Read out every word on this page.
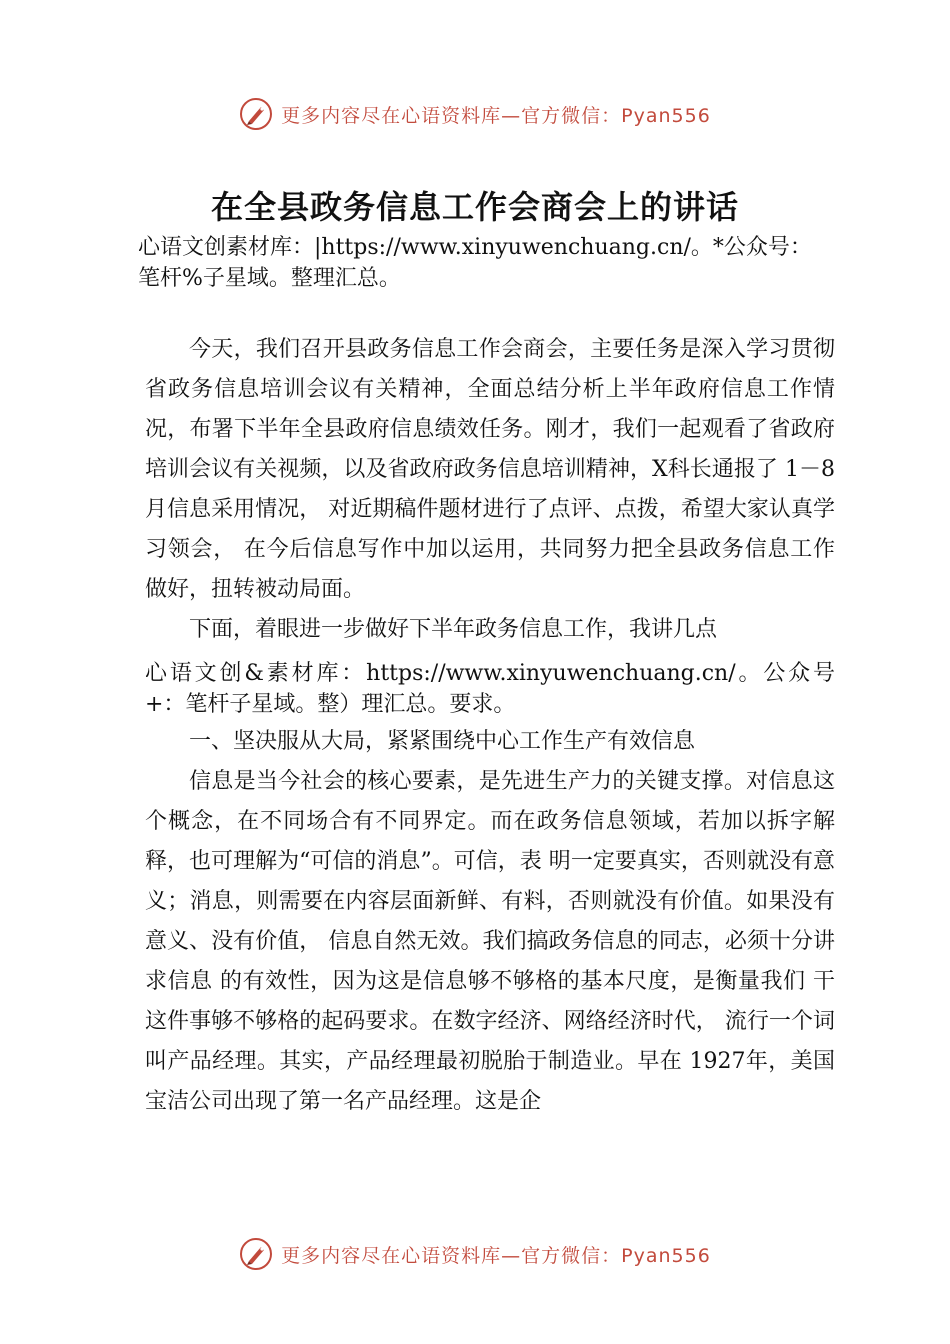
更多内容尽在心语资料库—官方微信：Pyan556
在全县政务信息工作会商会上的讲话
心语文创素材库：|https://www.xinyuwenchuang.cn/。*公众号：笔杆%子星域。整理汇总。

今天，我们召开县政务信息工作会商会，主要任务是深入学习贯彻省政务信息培训会议有关精神，全面总结分析上半年政府信息工作情况，布署下半年全县政府信息绩效任务。刚才，我们一起观看了省政府培训会议有关视频，以及省政府政务信息培训精神，X科长通报了 1－8月信息采用情况， 对近期稿件题材进行了点评、点拨，希望大家认真学习领会， 在今后信息写作中加以运用，共同努力把全县政务信息工作 做好，扭转被动局面。

下面，着眼进一步做好下半年政务信息工作，我讲几点

心语文创&素材库：https://www.xinyuwenchuang.cn/。公众号+：笔杆子星域。整）理汇总。要求。

一、坚决服从大局，紧紧围绕中心工作生产有效信息

信息是当今社会的核心要素，是先进生产力的关键支撑。对信息这个概念，在不同场合有不同界定。而在政务信息领域，若加以拆字解释，也可理解为“可信的消息”。可信，表 明一定要真实，否则就没有意义；消息，则需要在内容层面新鲜、有料，否则就没有价值。如果没有意义、没有价值， 信息自然无效。我们搞政务信息的同志，必须十分讲求信息 的有效性，因为这是信息够不够格的基本尺度，是衡量我们 干这件事够不够格的起码要求。在数字经济、网络经济时代， 流行一个词叫产品经理。其实，产品经理最初脱胎于制造业。早在 1927年，美国宝洁公司出现了第一名产品经理。这是企

更多内容尽在心语资料库—官方微信：Pyan556
